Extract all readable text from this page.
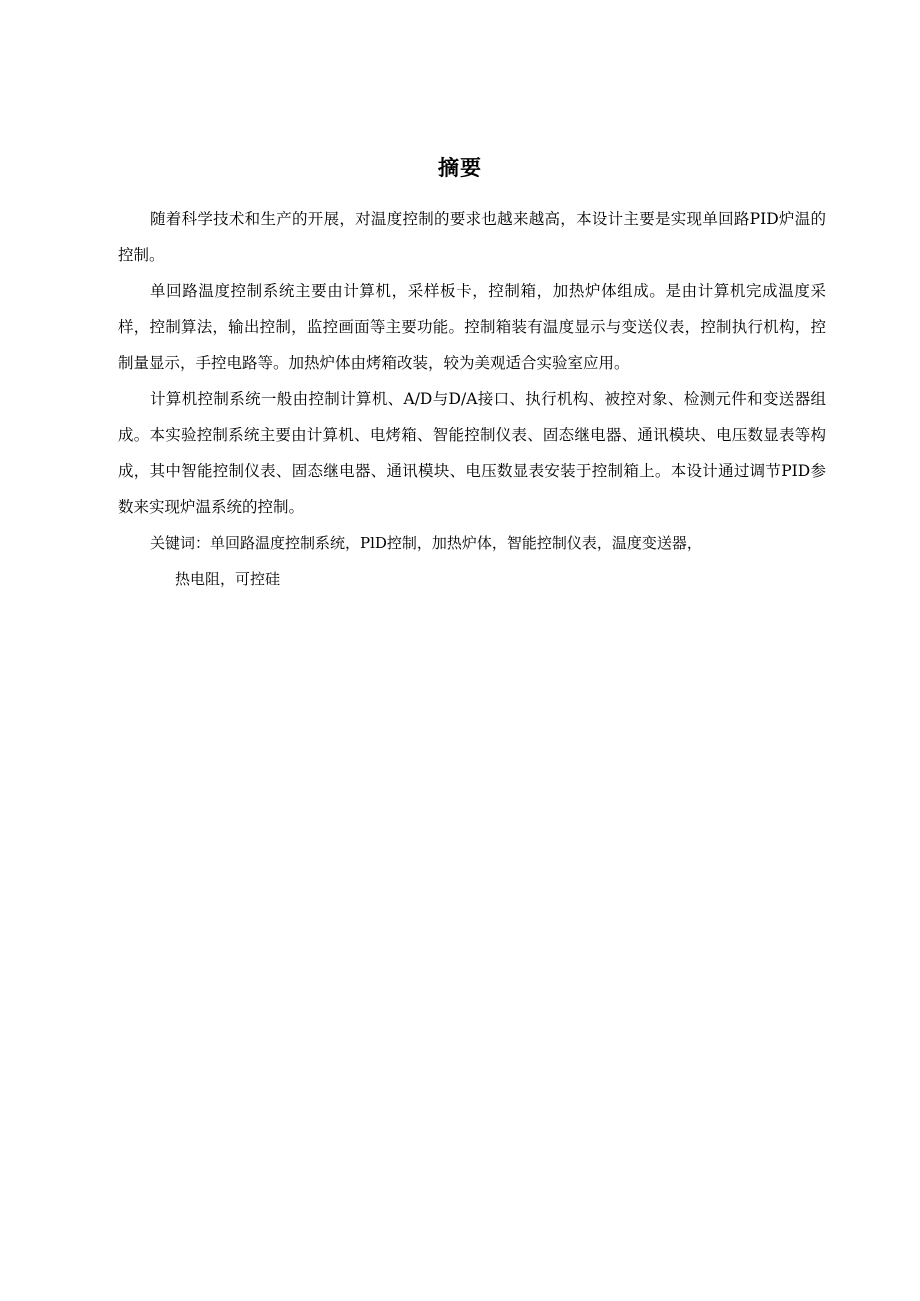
摘要

随着科学技术和生产的开展，对温度控制的要求也越来越高，本设计主要是实现单回路PID炉温的控制。

单回路温度控制系统主要由计算机，采样板卡，控制箱，加热炉体组成。是由计算机完成温度采样，控制算法，输出控制，监控画面等主要功能。控制箱装有温度显示与变送仪表，控制执行机构，控制量显示，手控电路等。加热炉体由烤箱改装，较为美观适合实验室应用。

计算机控制系统一般由控制计算机、A/D与D/A接口、执行机构、被控对象、检测元件和变送器组成。本实验控制系统主要由计算机、电烤箱、智能控制仪表、固态继电器、通讯模块、电压数显表等构成，其中智能控制仪表、固态继电器、通讯模块、电压数显表安装于控制箱上。本设计通过调节PID参数来实现炉温系统的控制。

关键词：单回路温度控制系统，PlD控制，加热炉体，智能控制仪表，温度变送器，
热电阻，可控硅
